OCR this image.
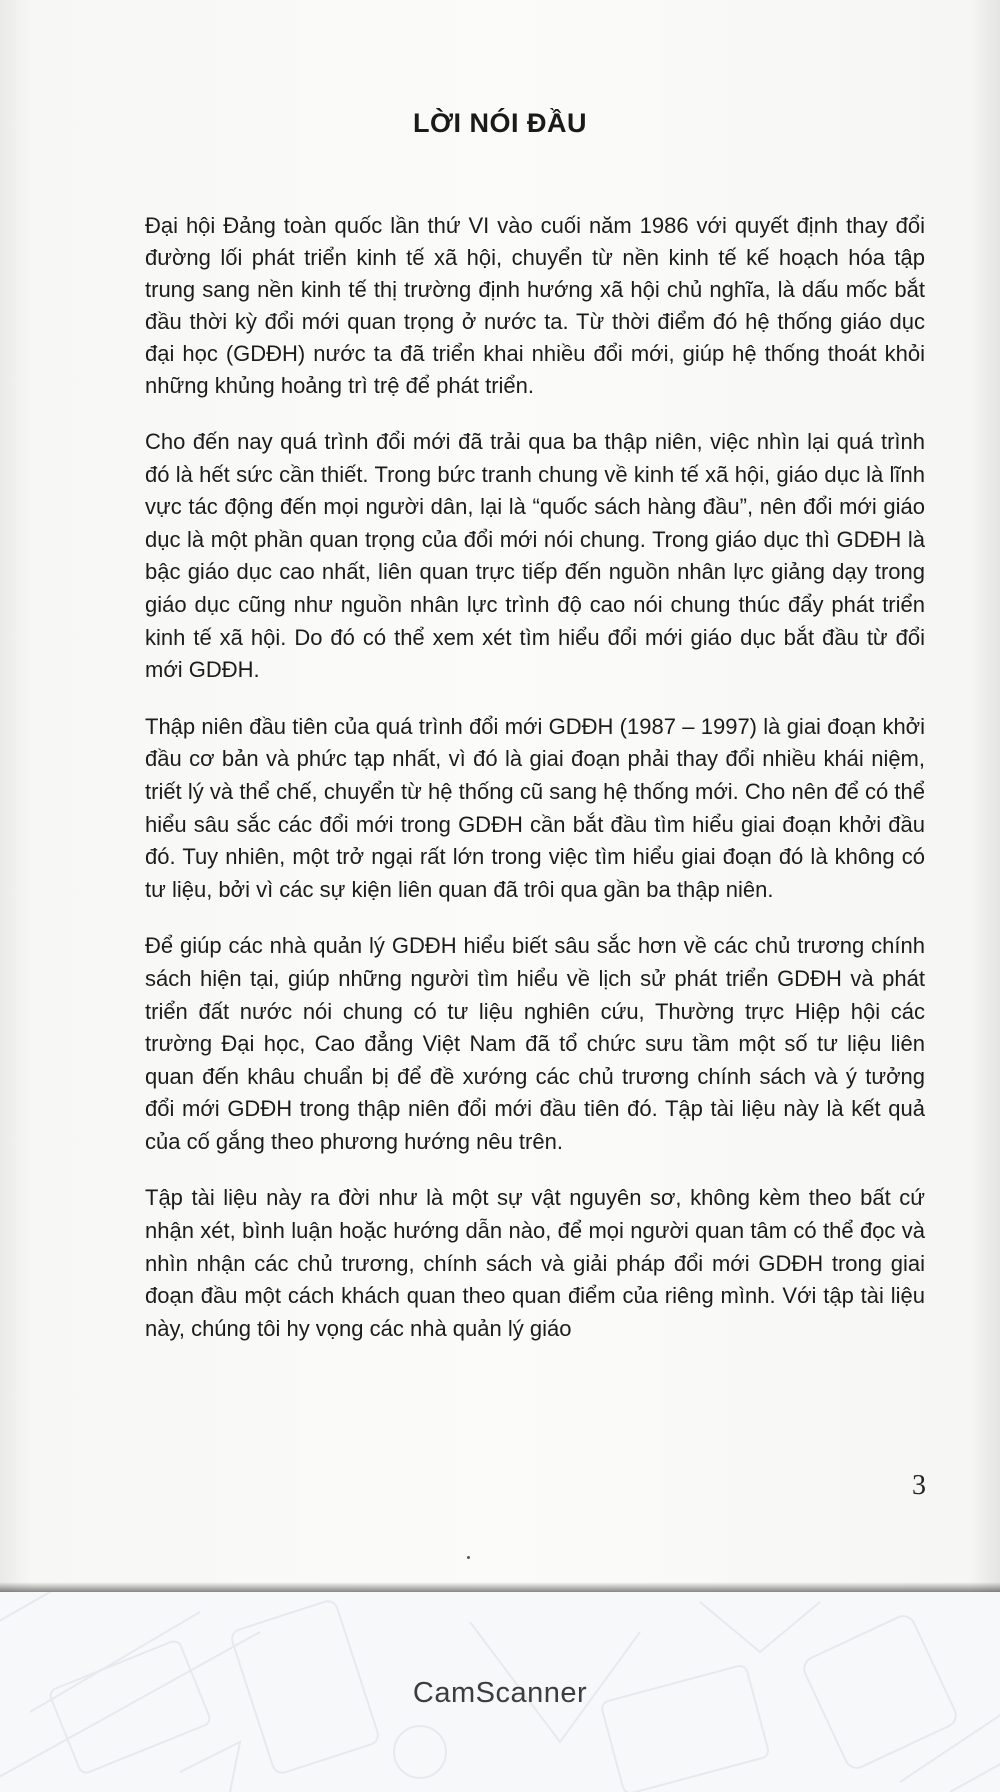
LỜI NÓI ĐẦU

Đại hội Đảng toàn quốc lần thứ VI vào cuối năm 1986 với quyết định thay đổi đường lối phát triển kinh tế xã hội, chuyển từ nền kinh tế kế hoạch hóa tập trung sang nền kinh tế thị trường định hướng xã hội chủ nghĩa, là dấu mốc bắt đầu thời kỳ đổi mới quan trọng ở nước ta. Từ thời điểm đó hệ thống giáo dục đại học (GDĐH) nước ta đã triển khai nhiều đổi mới, giúp hệ thống thoát khỏi những khủng hoảng trì trệ để phát triển.

Cho đến nay quá trình đổi mới đã trải qua ba thập niên, việc nhìn lại quá trình đó là hết sức cần thiết. Trong bức tranh chung về kinh tế xã hội, giáo dục là lĩnh vực tác động đến mọi người dân, lại là “quốc sách hàng đầu”, nên đổi mới giáo dục là một phần quan trọng của đổi mới nói chung. Trong giáo dục thì GDĐH là bậc giáo dục cao nhất, liên quan trực tiếp đến nguồn nhân lực giảng dạy trong giáo dục cũng như nguồn nhân lực trình độ cao nói chung thúc đẩy phát triển kinh tế xã hội. Do đó có thể xem xét tìm hiểu đổi mới giáo dục bắt đầu từ đổi mới GDĐH.

Thập niên đầu tiên của quá trình đổi mới GDĐH (1987 – 1997) là giai đoạn khởi đầu cơ bản và phức tạp nhất, vì đó là giai đoạn phải thay đổi nhiều khái niệm, triết lý và thể chế, chuyển từ hệ thống cũ sang hệ thống mới. Cho nên để có thể hiểu sâu sắc các đổi mới trong GDĐH cần bắt đầu tìm hiểu giai đoạn khởi đầu đó. Tuy nhiên, một trở ngại rất lớn trong việc tìm hiểu giai đoạn đó là không có tư liệu, bởi vì các sự kiện liên quan đã trôi qua gần ba thập niên.

Để giúp các nhà quản lý GDĐH hiểu biết sâu sắc hơn về các chủ trương chính sách hiện tại, giúp những người tìm hiểu về lịch sử phát triển GDĐH và phát triển đất nước nói chung có tư liệu nghiên cứu, Thường trực Hiệp hội các trường Đại học, Cao đẳng Việt Nam đã tổ chức sưu tầm một số tư liệu liên quan đến khâu chuẩn bị để đề xướng các chủ trương chính sách và ý tưởng đổi mới GDĐH trong thập niên đổi mới đầu tiên đó. Tập tài liệu này là kết quả của cố gắng theo phương hướng nêu trên.

Tập tài liệu này ra đời như là một sự vật nguyên sơ, không kèm theo bất cứ nhận xét, bình luận hoặc hướng dẫn nào, để mọi người quan tâm có thể đọc và nhìn nhận các chủ trương, chính sách và giải pháp đổi mới GDĐH trong giai đoạn đầu một cách khách quan theo quan điểm của riêng mình. Với tập tài liệu này, chúng tôi hy vọng các nhà quản lý giáo

3
CamScanner
